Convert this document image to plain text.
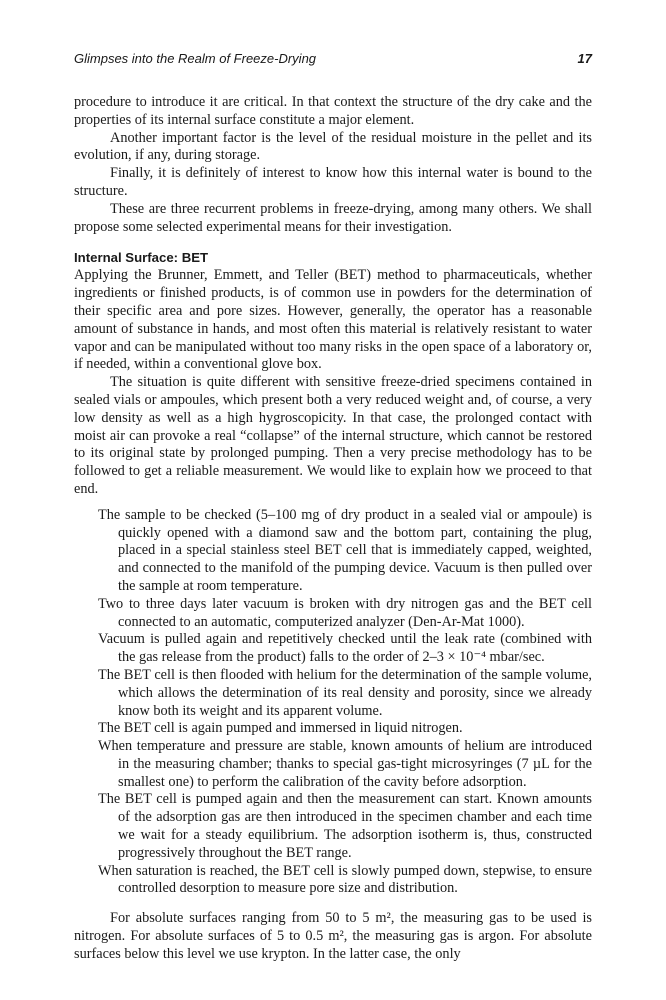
Glimpses into the Realm of Freeze-Drying	17

procedure to introduce it are critical. In that context the structure of the dry cake and the properties of its internal surface constitute a major element.

Another important factor is the level of the residual moisture in the pellet and its evolution, if any, during storage.

Finally, it is definitely of interest to know how this internal water is bound to the structure.

These are three recurrent problems in freeze-drying, among many others. We shall propose some selected experimental means for their investigation.

Internal Surface: BET

Applying the Brunner, Emmett, and Teller (BET) method to pharmaceuticals, whether ingredients or finished products, is of common use in powders for the determination of their specific area and pore sizes. However, generally, the operator has a reasonable amount of substance in hands, and most often this material is relatively resistant to water vapor and can be manipulated without too many risks in the open space of a laboratory or, if needed, within a conventional glove box.

The situation is quite different with sensitive freeze-dried specimens contained in sealed vials or ampoules, which present both a very reduced weight and, of course, a very low density as well as a high hygroscopicity. In that case, the prolonged contact with moist air can provoke a real “collapse” of the internal structure, which cannot be restored to its original state by prolonged pumping. Then a very precise methodology has to be followed to get a reliable measurement. We would like to explain how we proceed to that end.

The sample to be checked (5–100 mg of dry product in a sealed vial or ampoule) is quickly opened with a diamond saw and the bottom part, containing the plug, placed in a special stainless steel BET cell that is immediately capped, weighted, and connected to the manifold of the pumping device. Vacuum is then pulled over the sample at room temperature.
Two to three days later vacuum is broken with dry nitrogen gas and the BET cell connected to an automatic, computerized analyzer (Den-Ar-Mat 1000).
Vacuum is pulled again and repetitively checked until the leak rate (combined with the gas release from the product) falls to the order of 2–3 × 10⁻⁴ mbar/sec.
The BET cell is then flooded with helium for the determination of the sample volume, which allows the determination of its real density and porosity, since we already know both its weight and its apparent volume.
The BET cell is again pumped and immersed in liquid nitrogen.
When temperature and pressure are stable, known amounts of helium are introduced in the measuring chamber; thanks to special gas-tight microsyringes (7 µL for the smallest one) to perform the calibration of the cavity before adsorption.
The BET cell is pumped again and then the measurement can start. Known amounts of the adsorption gas are then introduced in the specimen chamber and each time we wait for a steady equilibrium. The adsorption isotherm is, thus, constructed progressively throughout the BET range.
When saturation is reached, the BET cell is slowly pumped down, stepwise, to ensure controlled desorption to measure pore size and distribution.

For absolute surfaces ranging from 50 to 5 m², the measuring gas to be used is nitrogen. For absolute surfaces of 5 to 0.5 m², the measuring gas is argon. For absolute surfaces below this level we use krypton. In the latter case, the only
